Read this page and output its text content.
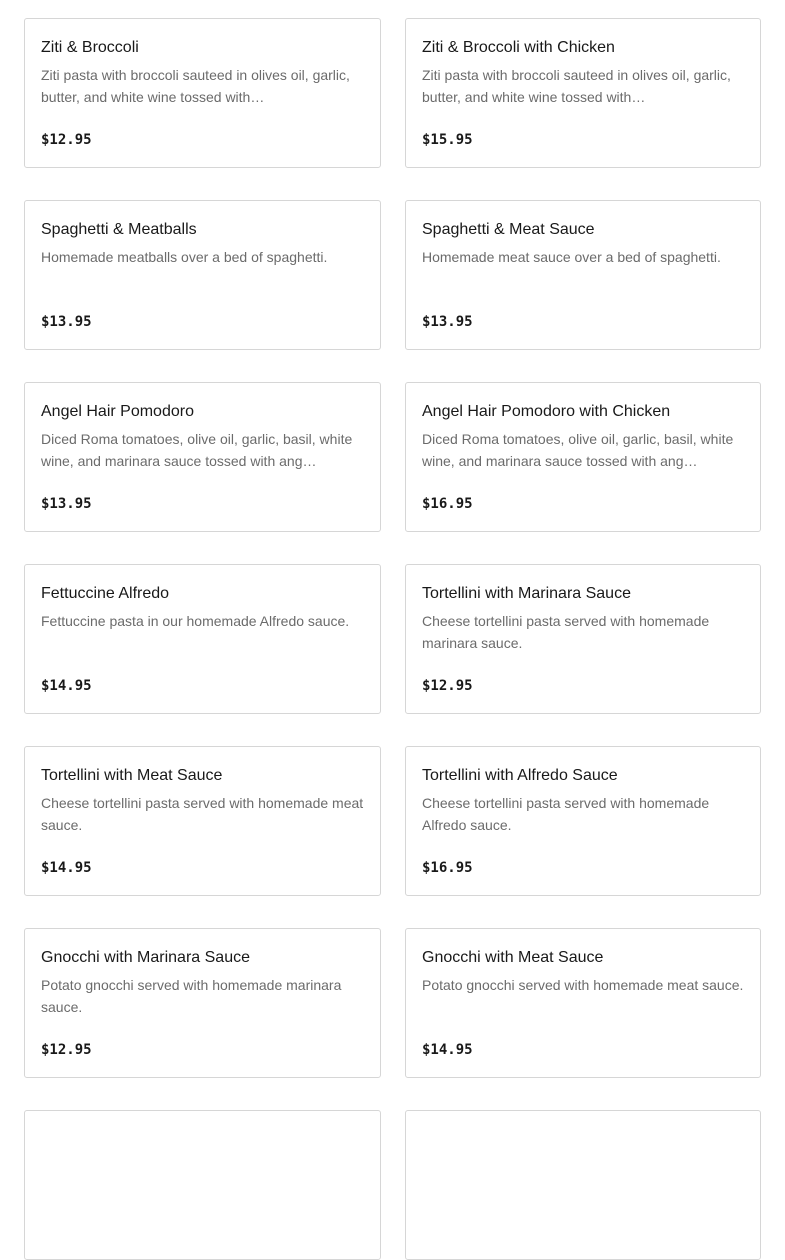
Ziti & Broccoli
Ziti pasta with broccoli sauteed in olives oil, garlic, butter, and white wine tossed with…
$12.95
Ziti & Broccoli with Chicken
Ziti pasta with broccoli sauteed in olives oil, garlic, butter, and white wine tossed with…
$15.95
Spaghetti & Meatballs
Homemade meatballs over a bed of spaghetti.
$13.95
Spaghetti & Meat Sauce
Homemade meat sauce over a bed of spaghetti.
$13.95
Angel Hair Pomodoro
Diced Roma tomatoes, olive oil, garlic, basil, white wine, and marinara sauce tossed with ang…
$13.95
Angel Hair Pomodoro with Chicken
Diced Roma tomatoes, olive oil, garlic, basil, white wine, and marinara sauce tossed with ang…
$16.95
Fettuccine Alfredo
Fettuccine pasta in our homemade Alfredo sauce.
$14.95
Tortellini with Marinara Sauce
Cheese tortellini pasta served with homemade marinara sauce.
$12.95
Tortellini with Meat Sauce
Cheese tortellini pasta served with homemade meat sauce.
$14.95
Tortellini with Alfredo Sauce
Cheese tortellini pasta served with homemade Alfredo sauce.
$16.95
Gnocchi with Marinara Sauce
Potato gnocchi served with homemade marinara sauce.
$12.95
Gnocchi with Meat Sauce
Potato gnocchi served with homemade meat sauce.
$14.95
